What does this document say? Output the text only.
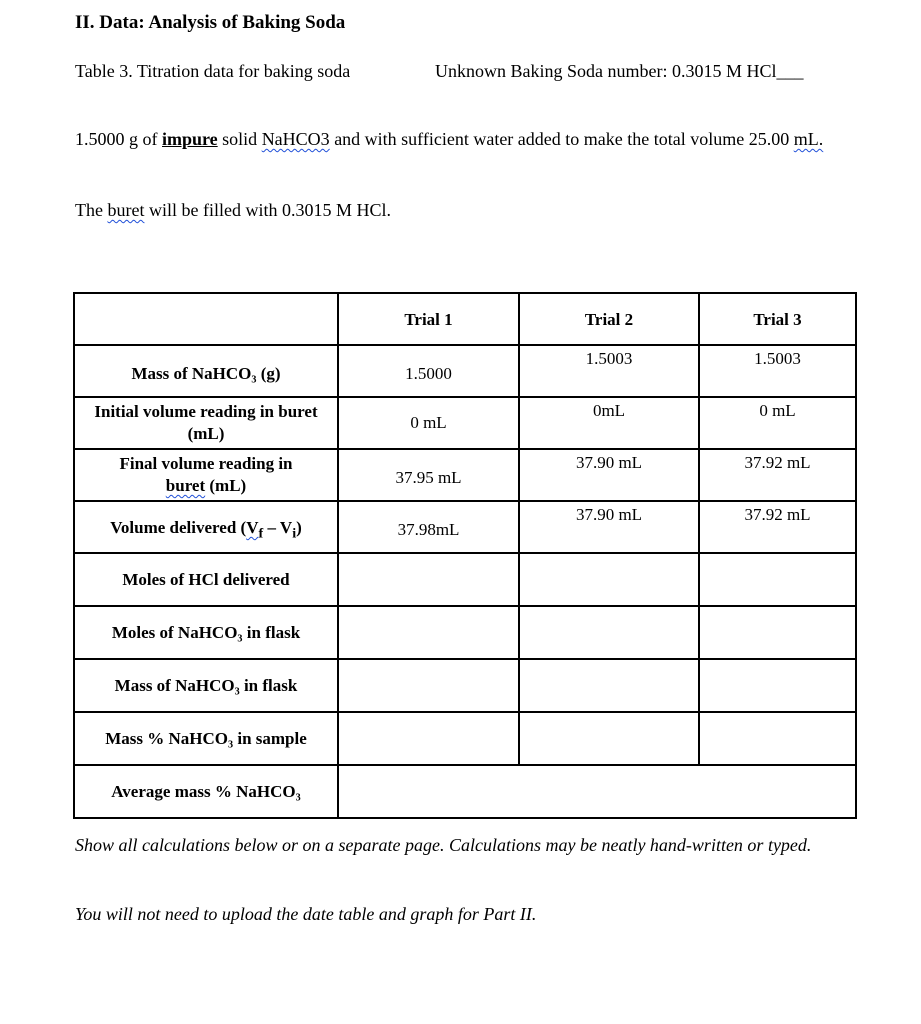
II. Data: Analysis of Baking Soda
Table 3. Titration data for baking soda	Unknown Baking Soda number: 0.3015 M HCl___
1.5000 g of impure solid NaHCO3 and with sufficient water added to make the total volume 25.00 mL.
The buret will be filled with 0.3015 M HCl.
	Trial 1	Trial 2	Trial 3
Mass of NaHCO₃ (g)	1.5000	1.5003	1.5003
Initial volume reading in buret (mL)	0 mL	0mL	0 mL
Final volume reading in
buret (mL)	37.95 mL	37.90 mL	37.92 mL
Volume delivered $(V_f - V_i)$	37.98mL	37.90 mL	37.92 mL
Moles of HCl delivered			
Moles of NaHCO₃ in flask			
Mass of NaHCO₃ in flask			
Mass % NaHCO₃ in sample			
Average mass % NaHCO₃			
Show all calculations below or on a separate page. Calculations may be neatly hand-written or typed.
You will not need to upload the date table and graph for Part II.
